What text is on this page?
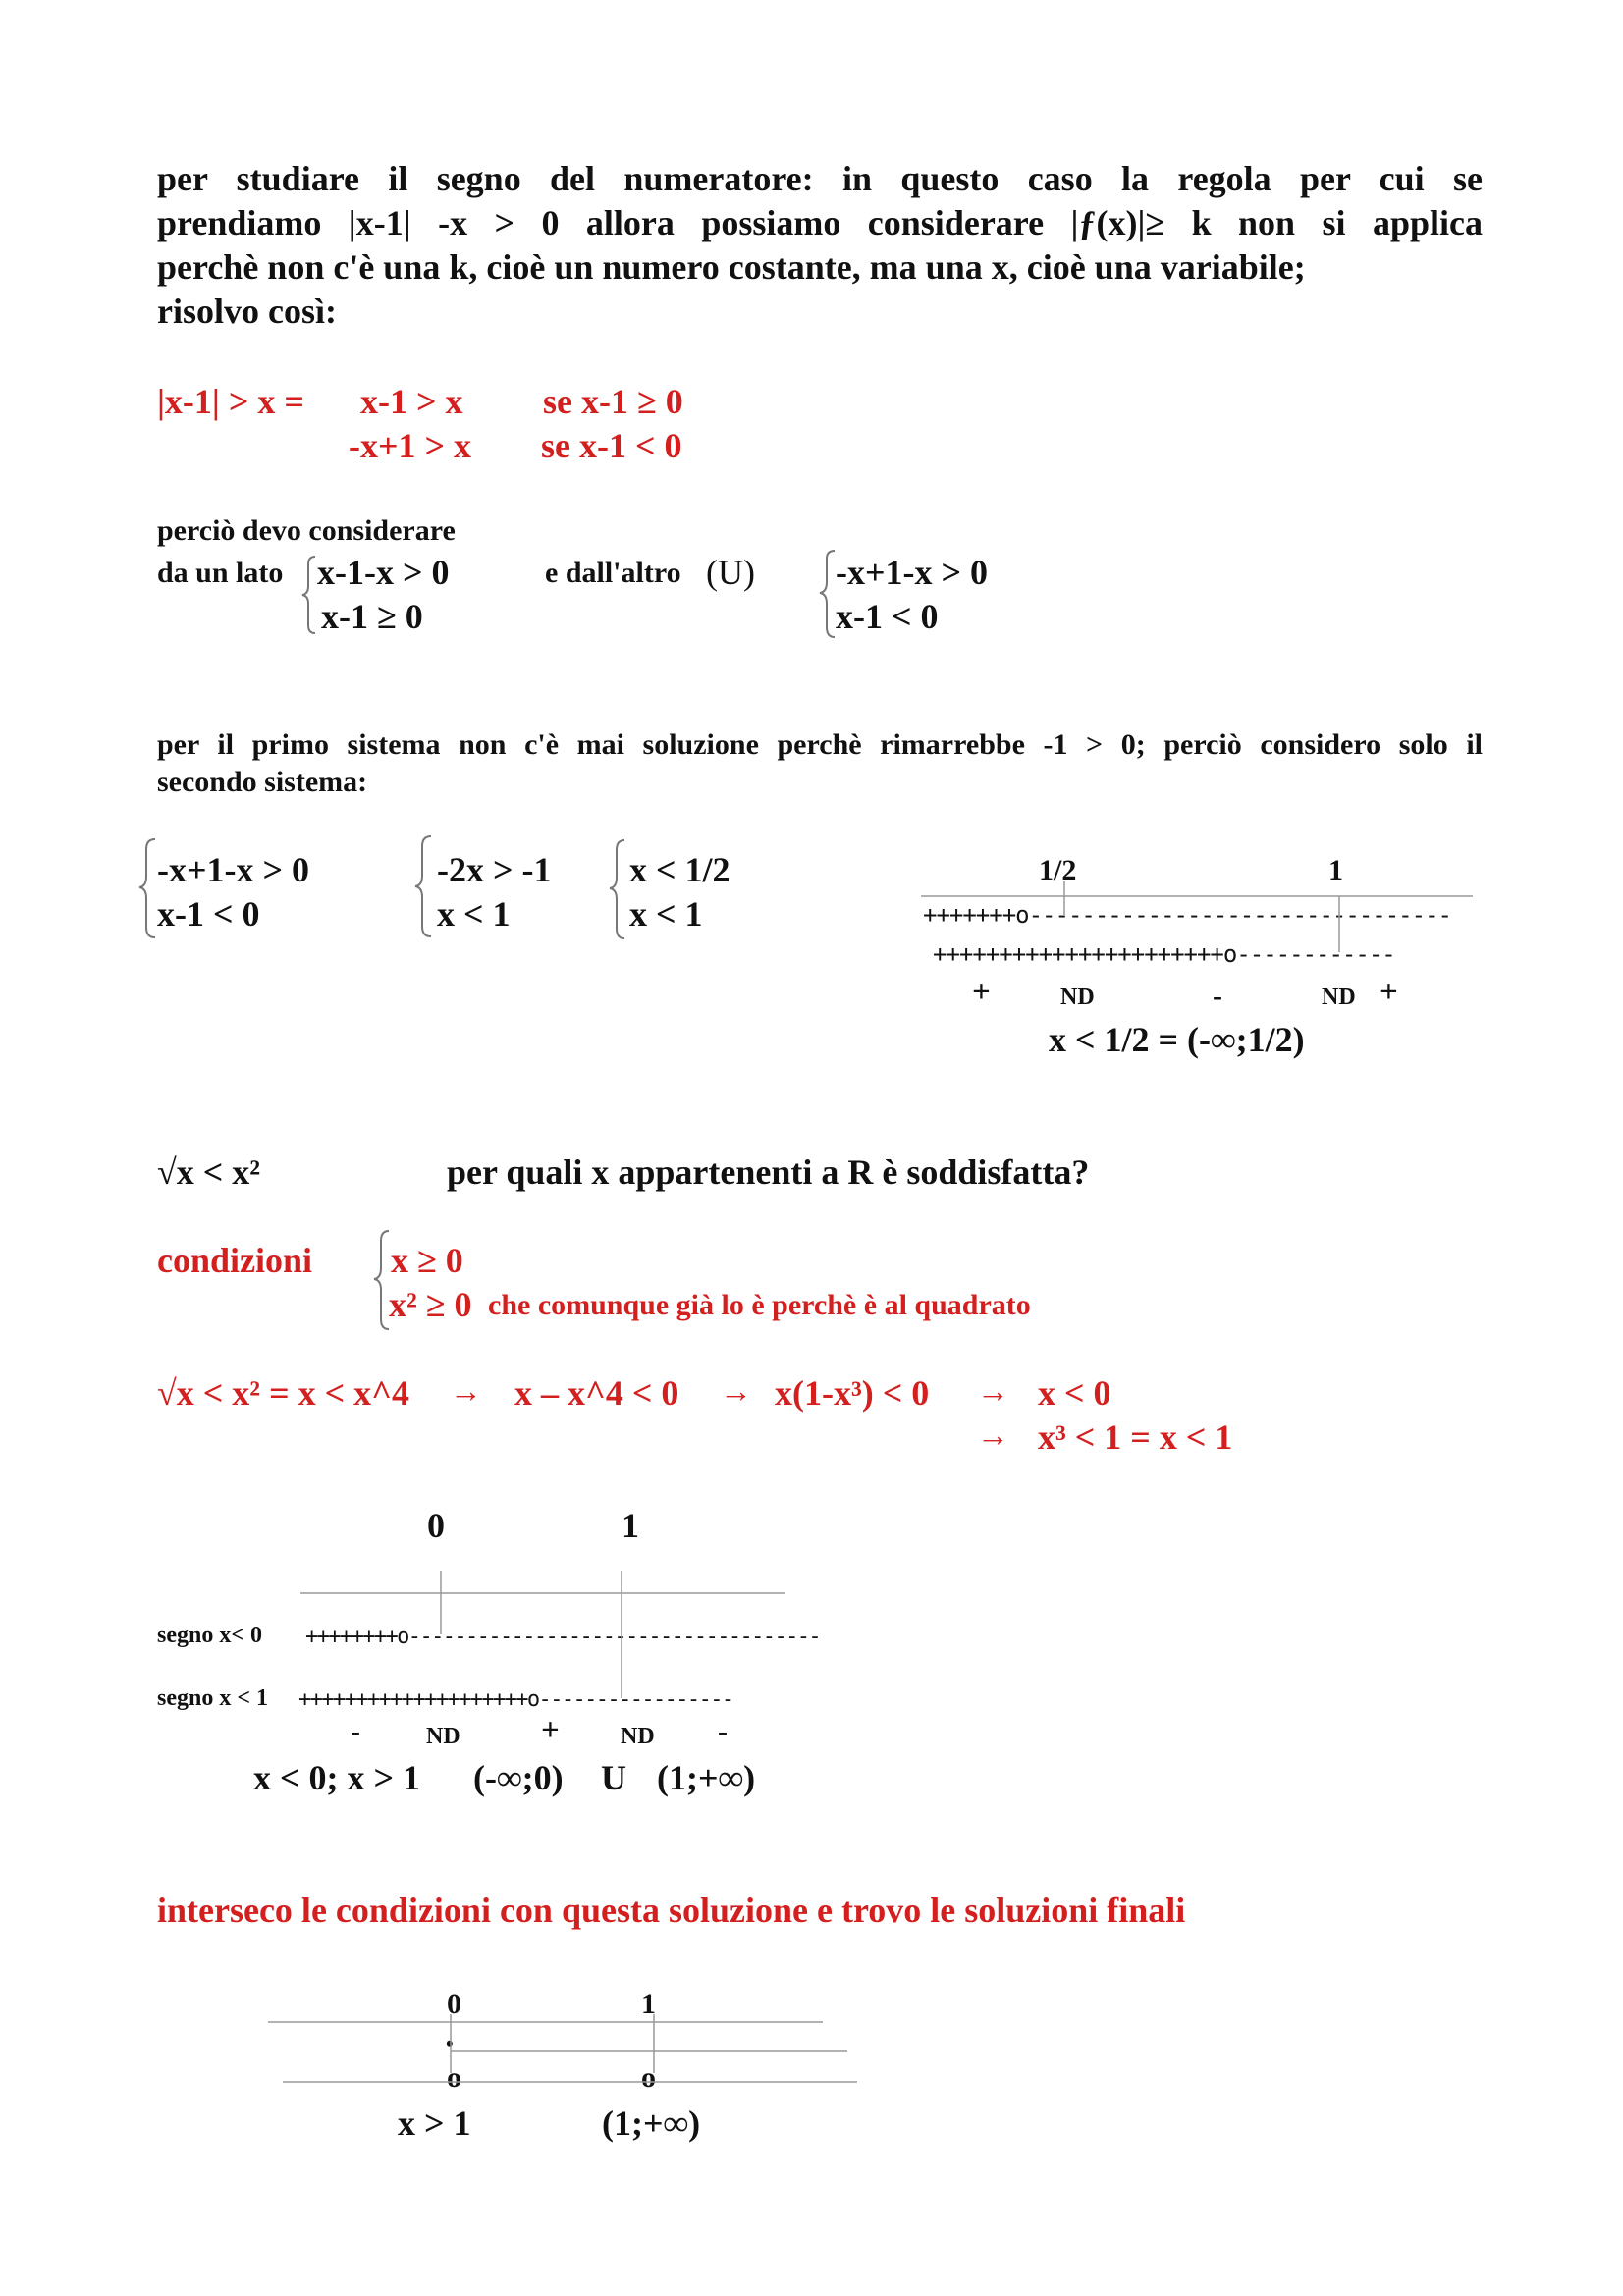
per studiare il segno del numeratore: in questo caso la regola per cui se
prendiamo |x-1| -x > 0 allora possiamo considerare |ƒ(x)|≥ k non si applica
perchè non c'è una k, cioè un numero costante, ma una x, cioè una variabile;
risolvo così:
|x-1| > x = x-1 > x se x-1 ≥ 0
-x+1 > x se x-1 < 0
perciò devo considerare
da un lato x-1-x > 0
x-1 ≥ 0
e dall'altro (U) -x+1-x > 0
x-1 < 0
per il primo sistema non c'è mai soluzione perchè rimarrebbe -1 > 0; perciò considero solo il
secondo sistema:
-x+1-x > 0
x-1 < 0
-2x > -1
x < 1
x < 1/2
x < 1
1/2	1
+++++++o--------------------------------
++++++++++++++++++++++o------------
+	ND	-	ND +
x < 1/2 = (-∞;1/2)
√x < x²	per quali x appartenenti a R è soddisfatta?
condizioni x ≥ 0
x² ≥ 0 che comunque già lo è perchè è al quadrato
√x < x² = x < x^4 → x – x^4 < 0 → x(1-x³) < 0 → x < 0
→ x³ < 1 = x < 1
0	1
segno x< 0 ++++++++o------------------------------------
segno x < 1 ++++++++++++++++++++o-----------------
-	ND +	ND -
x < 0; x > 1 (-∞;0) U (1;+∞)
interseco le condizioni con questa soluzione e trovo le soluzioni finali
0	1
•
o	o
x > 1	(1;+∞)
